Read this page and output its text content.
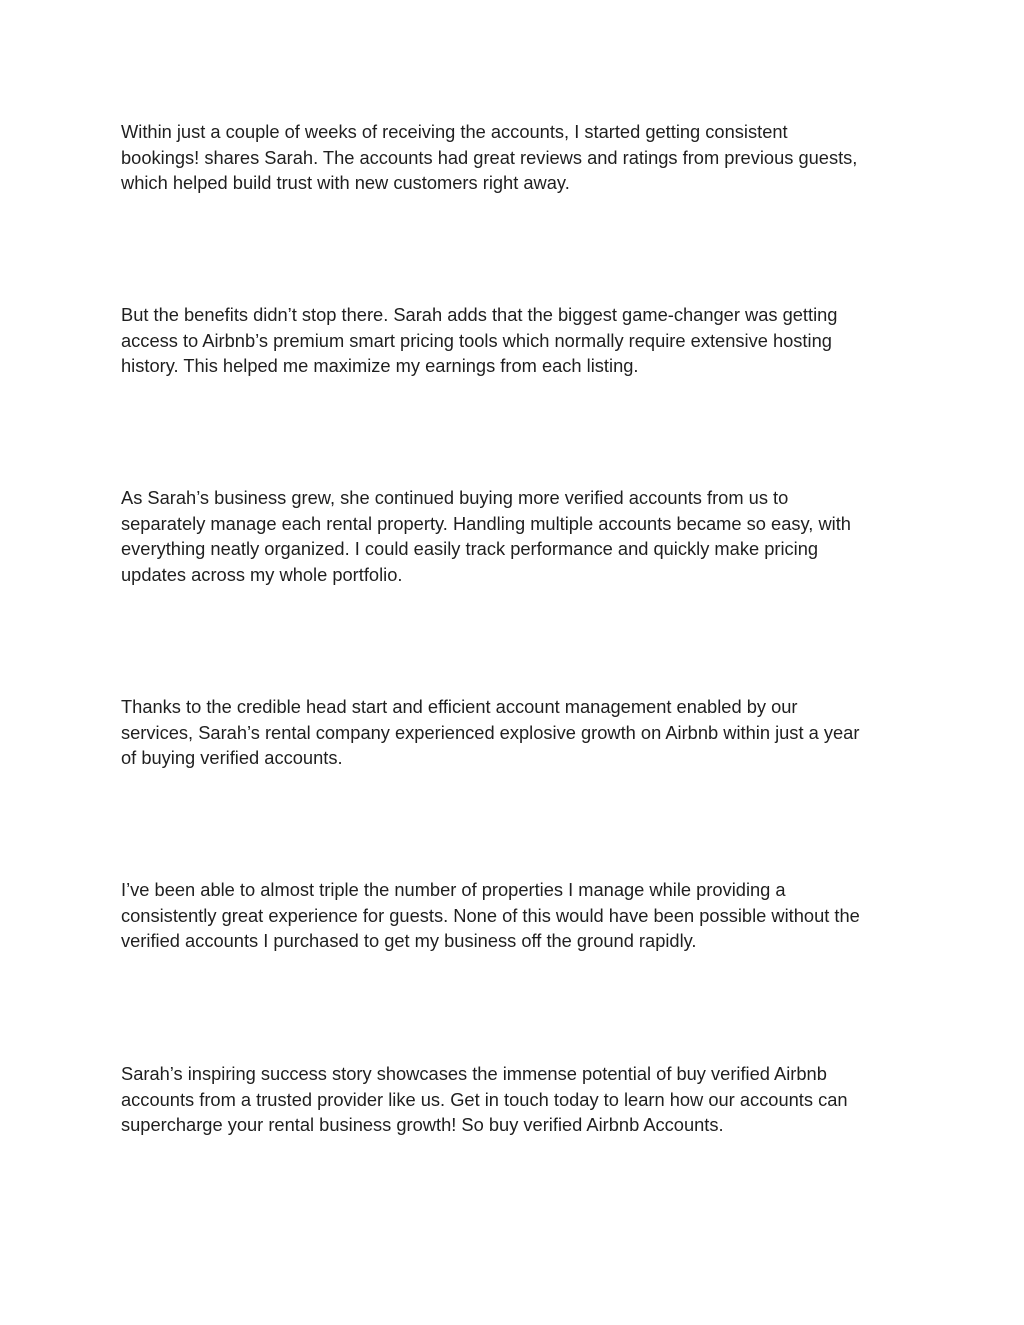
Within just a couple of weeks of receiving the accounts, I started getting consistent
bookings! shares Sarah. The accounts had great reviews and ratings from previous guests,
which helped build trust with new customers right away.

But the benefits didn’t stop there. Sarah adds that the biggest game-changer was getting
access to Airbnb’s premium smart pricing tools which normally require extensive hosting
history. This helped me maximize my earnings from each listing.

As Sarah’s business grew, she continued buying more verified accounts from us to
separately manage each rental property. Handling multiple accounts became so easy, with
everything neatly organized. I could easily track performance and quickly make pricing
updates across my whole portfolio.

Thanks to the credible head start and efficient account management enabled by our
services, Sarah’s rental company experienced explosive growth on Airbnb within just a year
of buying verified accounts.

I’ve been able to almost triple the number of properties I manage while providing a
consistently great experience for guests. None of this would have been possible without the
verified accounts I purchased to get my business off the ground rapidly.

Sarah’s inspiring success story showcases the immense potential of buy verified Airbnb
accounts from a trusted provider like us. Get in touch today to learn how our accounts can
supercharge your rental business growth! So buy verified Airbnb Accounts.
